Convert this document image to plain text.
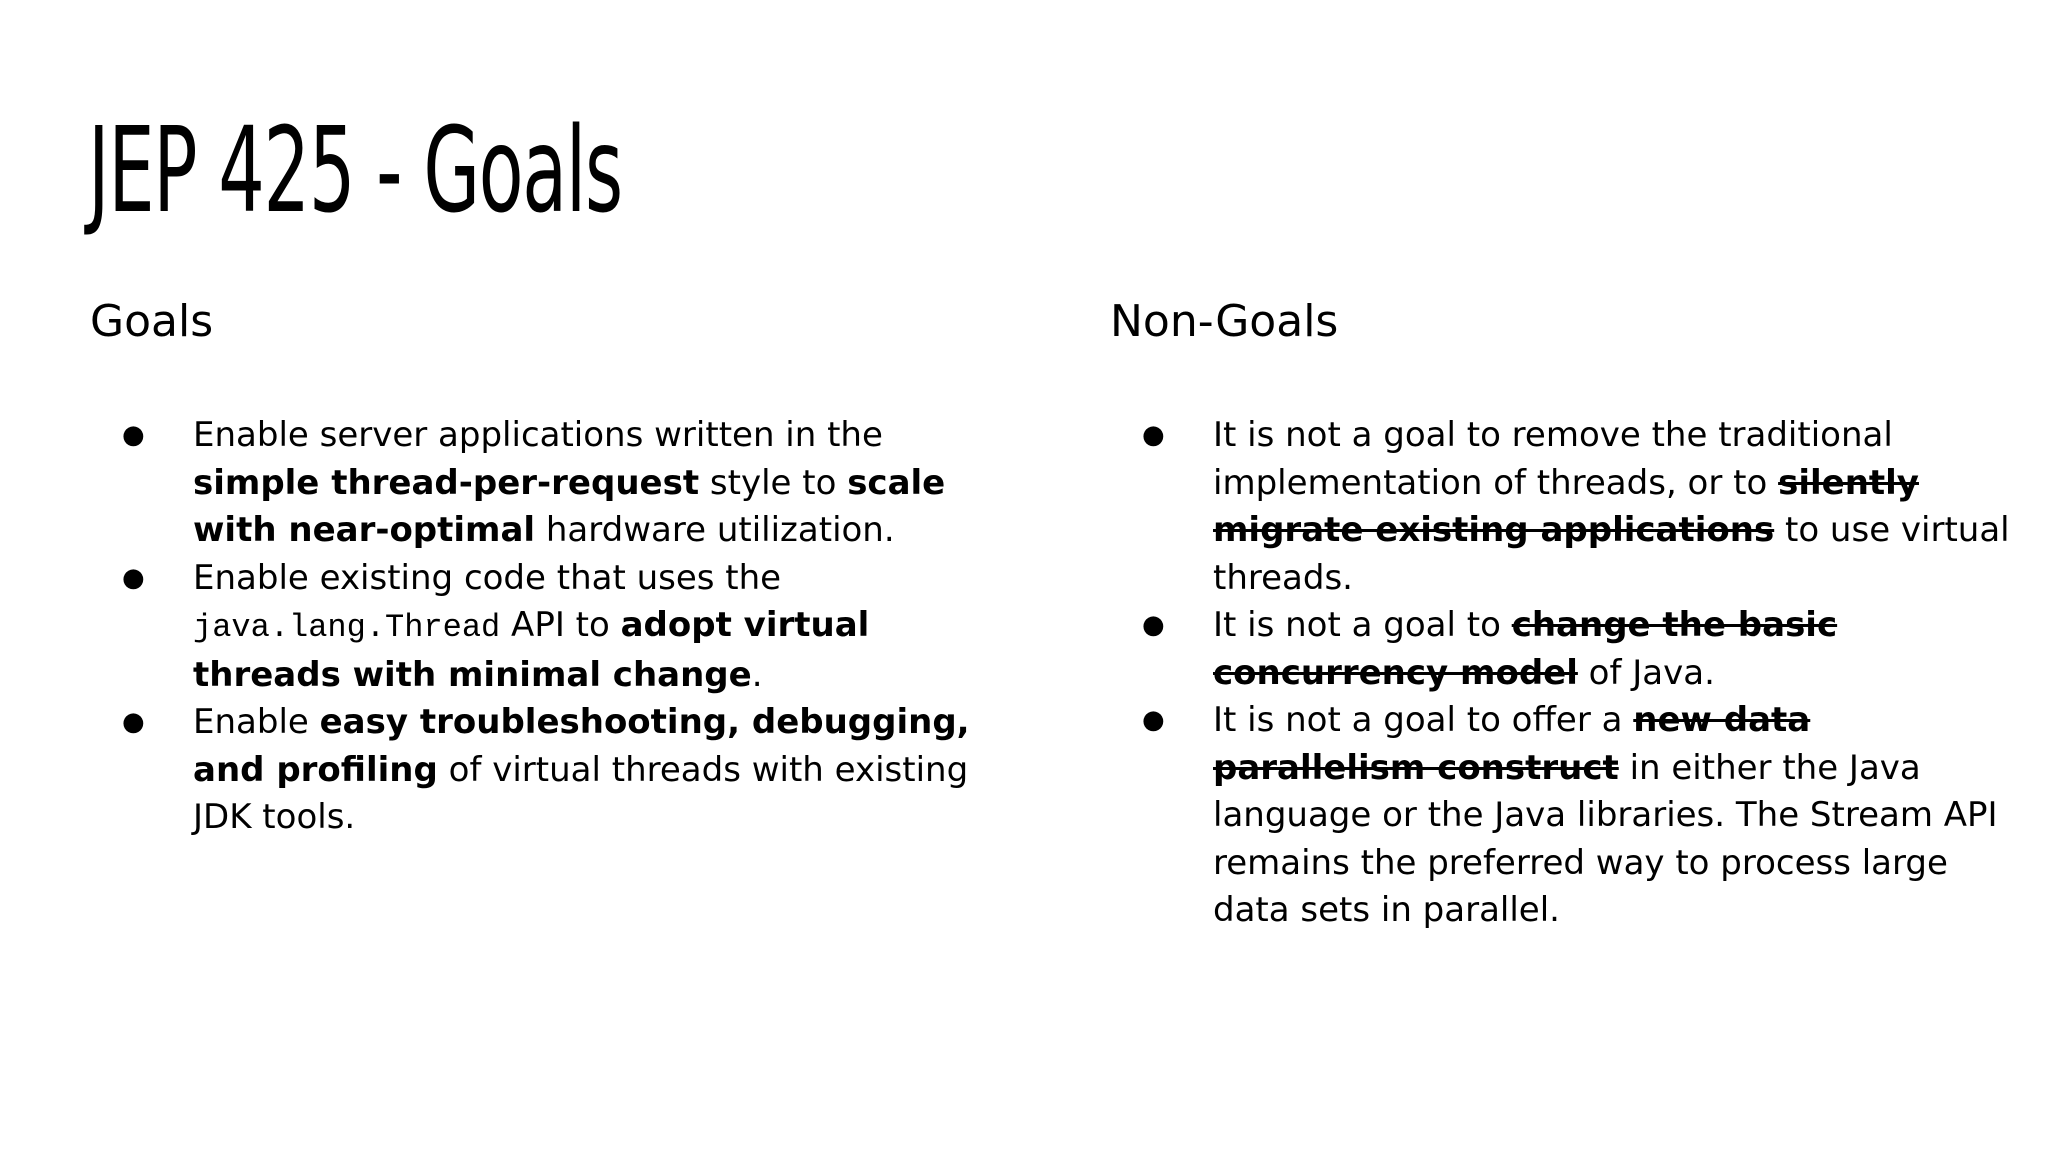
JEP 425 - Goals
Goals
● Enable server applications written in the simple thread-per-request style to scale with near-optimal hardware utilization.
● Enable existing code that uses the java.lang.Thread API to adopt virtual threads with minimal change.
● Enable easy troubleshooting, debugging, and profiling of virtual threads with existing JDK tools.
Non-Goals
● It is not a goal to remove the traditional implementation of threads, or to silently migrate existing applications to use virtual threads.
● It is not a goal to change the basic concurrency model of Java.
● It is not a goal to offer a new data parallelism construct in either the Java language or the Java libraries. The Stream API remains the preferred way to process large data sets in parallel.
